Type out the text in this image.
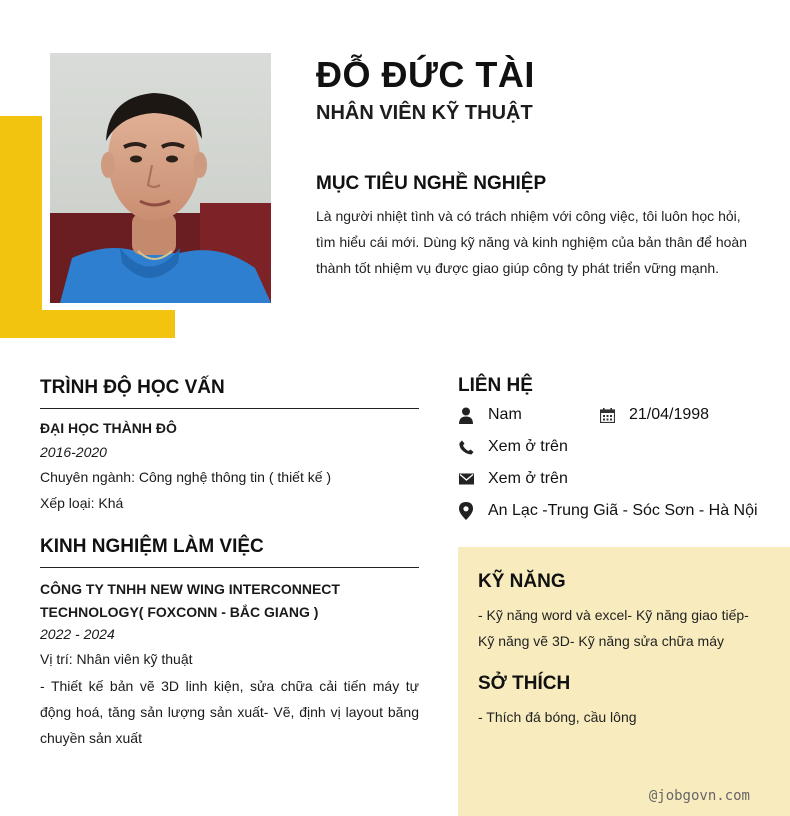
ĐỖ ĐỨC TÀI
NHÂN VIÊN KỸ THUẬT
MỤC TIÊU NGHỀ NGHIỆP
Là người nhiệt tình và có trách nhiệm với công việc, tôi luôn học hỏi, tìm hiểu cái mới. Dùng kỹ năng và kinh nghiệm của bản thân để hoàn thành tốt nhiệm vụ được giao giúp công ty phát triển vững mạnh.
TRÌNH ĐỘ HỌC VẤN
ĐẠI HỌC THÀNH ĐÔ
2016-2020
Chuyên ngành: Công nghệ thông tin ( thiết kế )
Xếp loại: Khá
KINH NGHIỆM LÀM VIỆC
CÔNG TY TNHH NEW WING INTERCONNECT TECHNOLOGY( FOXCONN - BẮC GIANG )
2022 - 2024
Vị trí: Nhân viên kỹ thuật
- Thiết kế bản vẽ 3D linh kiện, sửa chữa cải tiến máy tự động hoá, tăng sản lượng sản xuất- Vẽ, định vị layout băng chuyền sản xuất
LIÊN HỆ
Nam	21/04/1998
Xem ở trên
Xem ở trên
An Lạc -Trung Giã - Sóc Sơn - Hà Nội
KỸ NĂNG
- Kỹ năng word và excel- Kỹ năng giao tiếp- Kỹ năng vẽ 3D- Kỹ năng sửa chữa máy
SỞ THÍCH
- Thích đá bóng, cầu lông
@jobgovn.com
